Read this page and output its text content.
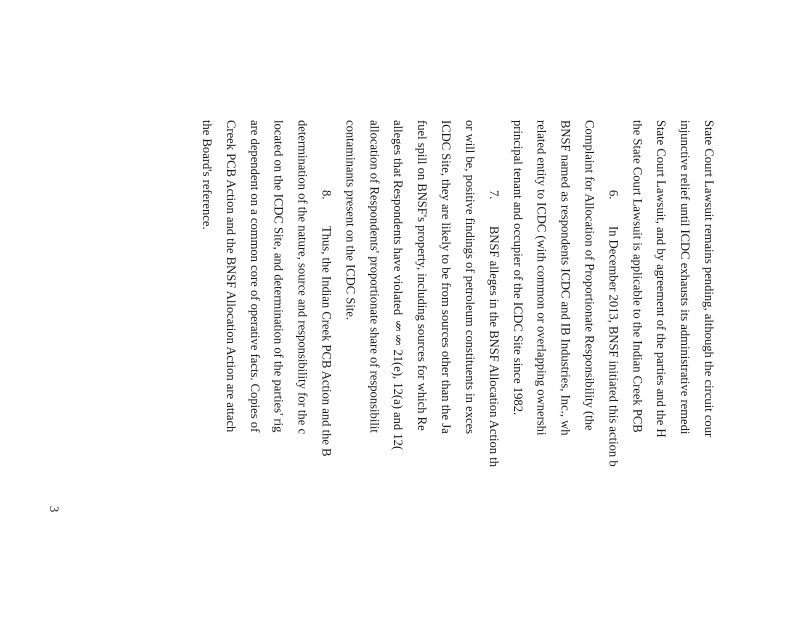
State Court Lawsuit remains pending, although the circuit cour
injunctive relief until ICDC exhausts its administrative remedi
State Court Lawsuit, and by agreement of the parties and the H
the State Court Lawsuit is applicable to the Indian Creek PCB
6.In December 2013, BNSF initiated this action b
Complaint for Allocation of Proportionate Responsibility (the
BNSF named as respondents ICDC and IB Industries, Inc., wh
related entity to ICDC (with common or overlapping ownershi
principal tenant and occupier of the ICDC Site since 1982.
7.BNSF alleges in the BNSF Allocation Action th
or will be, positive findings of petroleum constituents in exces
ICDC Site, they are likely to be from sources other than the Ja
fuel spill on BNSF's property, including sources for which Re
alleges that Respondents have violated §§ 21(e), 12(a) and 12(
allocation of Respondents' proportionate share of responsibilit
contaminants present on the ICDC Site.
8.Thus, the Indian Creek PCB Action and the B
determination of the nature, source and responsibility for the c
located on the ICDC Site, and determination of the parties' rig
are dependent on a common core of operative facts. Copies of
Creek PCB Action and the BNSF Allocation Action are attach
the Board's reference.
3
